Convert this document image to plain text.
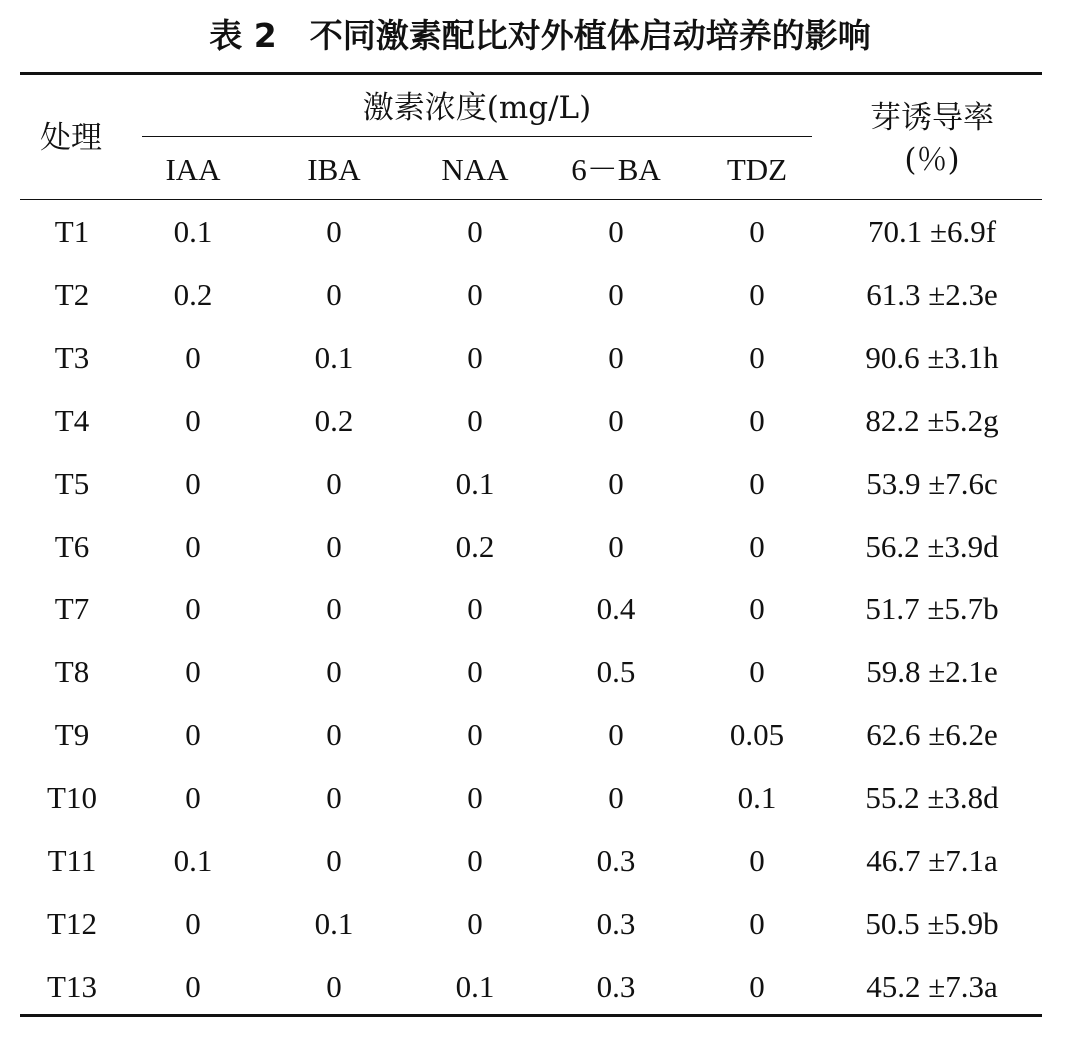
表 2　不同激素配比对外植体启动培养的影响
处理
激素浓度(mg/L)	芽诱导率
(％)
IAA	IBA	NAA	6－BA	TDZ
T1	0.1	0	0	0	0	70.1 ±6.9f
T2	0.2	0	0	0	0	61.3 ±2.3e
T3	0	0.1	0	0	0	90.6 ±3.1h
T4	0	0.2	0	0	0	82.2 ±5.2g
T5	0	0	0.1	0	0	53.9 ±7.6c
T6	0	0	0.2	0	0	56.2 ±3.9d
T7	0	0	0	0.4	0	51.7 ±5.7b
T8	0	0	0	0.5	0	59.8 ±2.1e
T9	0	0	0	0	0.05	62.6 ±6.2e
T10	0	0	0	0	0.1	55.2 ±3.8d
T11	0.1	0	0	0.3	0	46.7 ±7.1a
T12	0	0.1	0	0.3	0	50.5 ±5.9b
T13	0	0	0.1	0.3	0	45.2 ±7.3a
